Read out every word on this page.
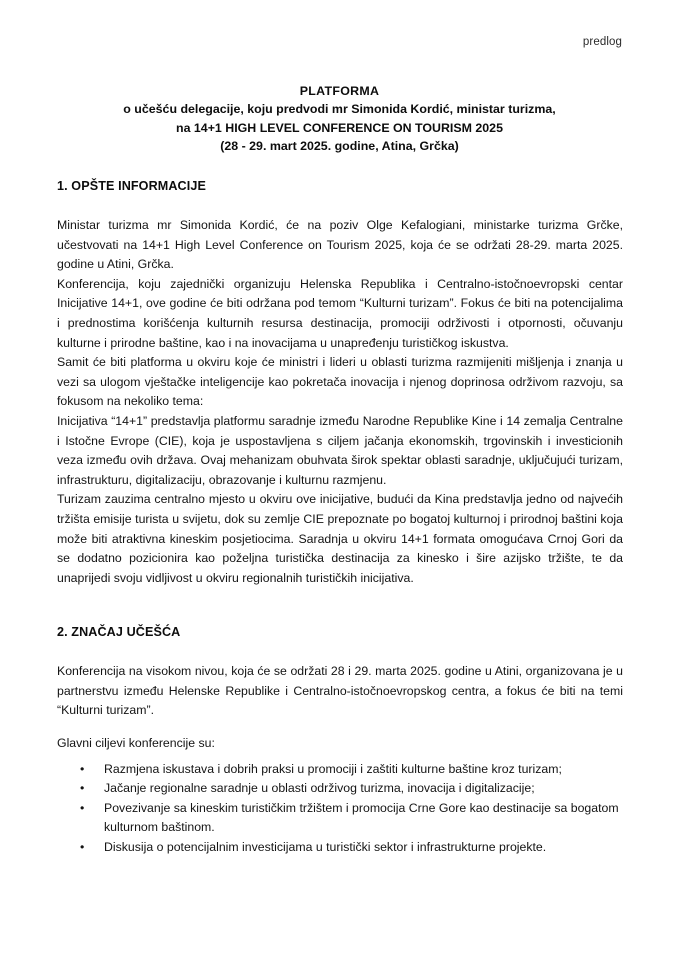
predlog
PLATFORMA
o učešću delegacije, koju predvodi mr Simonida Kordić, ministar turizma,
na 14+1 HIGH LEVEL CONFERENCE ON TOURISM 2025
(28 - 29. mart 2025. godine, Atina, Grčka)
1. OPŠTE INFORMACIJE

Ministar turizma mr Simonida Kordić, će na poziv Olge Kefalogiani, ministarke turizma Grčke, učestvovati na 14+1 High Level Conference on Tourism 2025, koja će se održati 28-29. marta 2025. godine u Atini, Grčka.

Konferencija, koju zajednički organizuju Helenska Republika i Centralno-istočnoevropski centar Inicijative 14+1, ove godine će biti održana pod temom “Kulturni turizam”. Fokus će biti na potencijalima i prednostima korišćenja kulturnih resursa destinacija, promociji održivosti i otpornosti, očuvanju kulturne i prirodne baštine, kao i na inovacijama u unapređenju turističkog iskustva.

Samit će biti platforma u okviru koje će ministri i lideri u oblasti turizma razmijeniti mišljenja i znanja u vezi sa ulogom vještačke inteligencije kao pokretača inovacija i njenog doprinosa održivom razvoju, sa fokusom na nekoliko tema:

Inicijativa “14+1” predstavlja platformu saradnje između Narodne Republike Kine i 14 zemalja Centralne i Istočne Evrope (CIE), koja je uspostavljena s ciljem jačanja ekonomskih, trgovinskih i investicionih veza između ovih država. Ovaj mehanizam obuhvata širok spektar oblasti saradnje, uključujući turizam, infrastrukturu, digitalizaciju, obrazovanje i kulturnu razmjenu.

Turizam zauzima centralno mjesto u okviru ove inicijative, budući da Kina predstavlja jedno od najvećih tržišta emisije turista u svijetu, dok su zemlje CIE prepoznate po bogatoj kulturnoj i prirodnoj baštini koja može biti atraktivna kineskim posjetiocima. Saradnja u okviru 14+1 formata omogućava Crnoj Gori da se dodatno pozicionira kao poželjna turistička destinacija za kinesko i šire azijsko tržište, te da unaprijedi svoju vidljivost u okviru regionalnih turističkih inicijativa.

2. ZNAČAJ UČEŠĆA

Konferencija na visokom nivou, koja će se održati 28 i 29. marta 2025. godine u Atini, organizovana je u partnerstvu između Helenske Republike i Centralno-istočnoevropskog centra, a fokus će biti na temi “Kulturni turizam”.

Glavni ciljevi konferencije su:

• Razmjena iskustava i dobrih praksi u promociji i zaštiti kulturne baštine kroz turizam;
• Jačanje regionalne saradnje u oblasti održivog turizma, inovacija i digitalizacije;
• Povezivanje sa kineskim turističkim tržištem i promocija Crne Gore kao destinacije sa bogatom kulturnom baštinom.
• Diskusija o potencijalnim investicijama u turistički sektor i infrastrukturne projekte.
